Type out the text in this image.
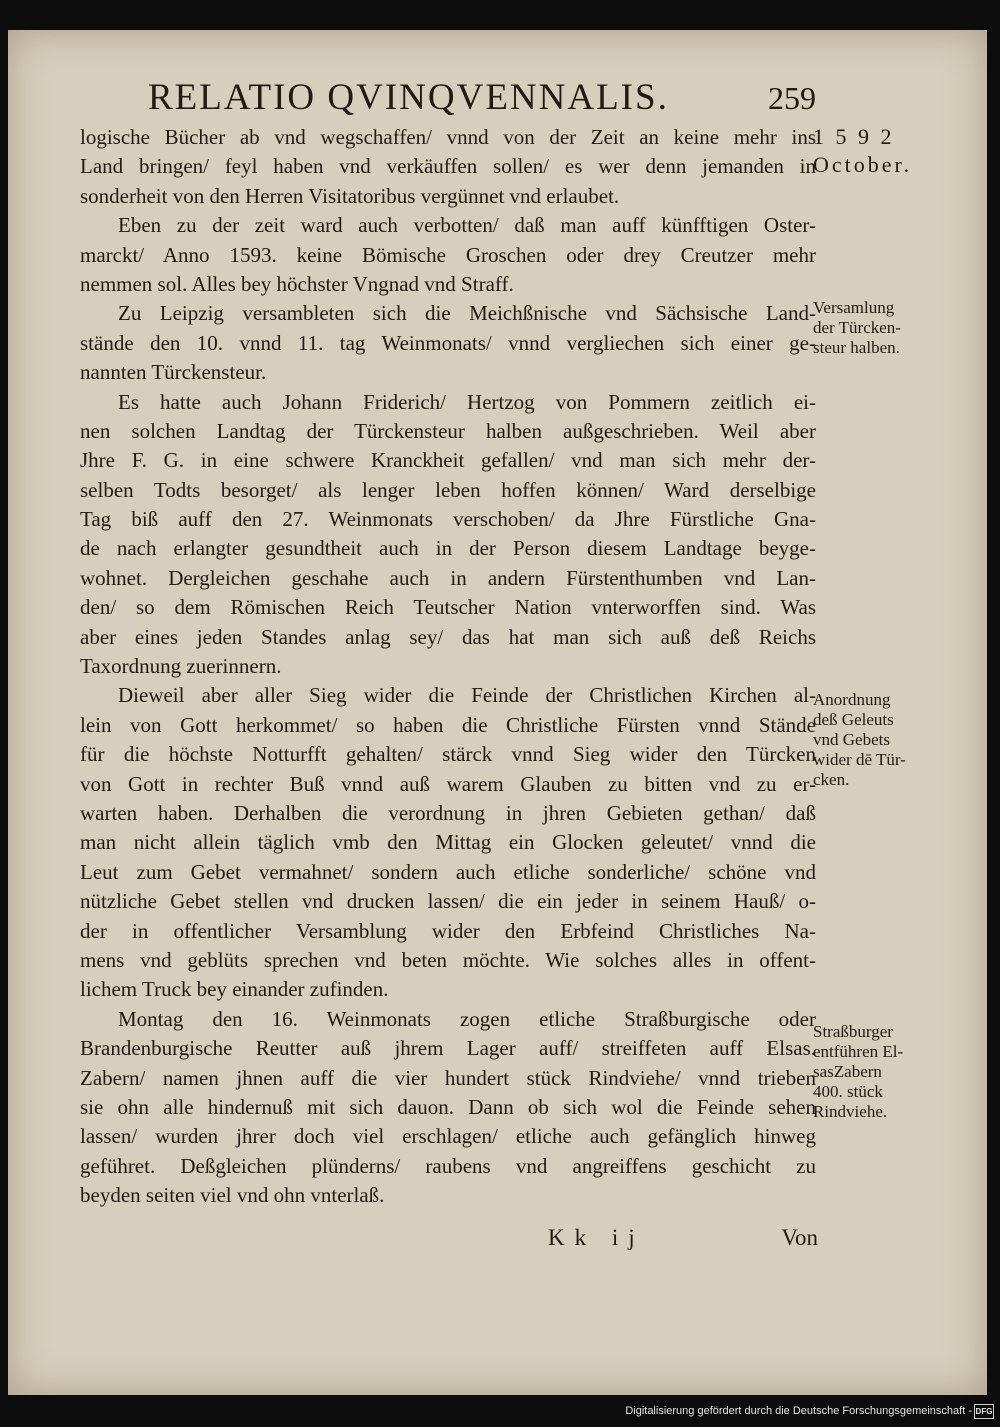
RELATIO QVINQVENNALIS.	259
logische Bücher ab vnd wegschaffen/ vnnd von der Zeit an keine mehr ins
Land bringen/ feyl haben vnd verkäuffen sollen/ es wer denn jemanden in
sonderheit von den Herren Visitatoribus vergünnet vnd erlaubet.
Eben zu der zeit ward auch verbotten/ daß man auff künfftigen Oster-
marckt/ Anno 1593. keine Bömische Groschen oder drey Creutzer mehr
nemmen sol. Alles bey höchster Vngnad vnd Straff.
Zu Leipzig versambleten sich die Meichßnische vnd Sächsische Land-
stände den 10. vnnd 11. tag Weinmonats/ vnnd vergliechen sich einer ge-
nannten Türckensteur.
Es hatte auch Johann Friderich/ Hertzog von Pommern zeitlich ei-
nen solchen Landtag der Türckensteur halben außgeschrieben. Weil aber
Jhre F. G. in eine schwere Kranckheit gefallen/ vnd man sich mehr der-
selben Todts besorget/ als lenger leben hoffen können/ Ward derselbige
Tag biß auff den 27. Weinmonats verschoben/ da Jhre Fürstliche Gna-
de nach erlangter gesundtheit auch in der Person diesem Landtage beyge-
wohnet. Dergleichen geschahe auch in andern Fürstenthumben vnd Lan-
den/ so dem Römischen Reich Teutscher Nation vnterworffen sind. Was
aber eines jeden Standes anlag sey/ das hat man sich auß deß Reichs
Taxordnung zuerinnern.
Dieweil aber aller Sieg wider die Feinde der Christlichen Kirchen al-
lein von Gott herkommet/ so haben die Christliche Fürsten vnnd Stände
für die höchste Notturfft gehalten/ stärck vnnd Sieg wider den Türcken
von Gott in rechter Buß vnnd auß warem Glauben zu bitten vnd zu er-
warten haben. Derhalben die verordnung in jhren Gebieten gethan/ daß
man nicht allein täglich vmb den Mittag ein Glocken geleutet/ vnnd die
Leut zum Gebet vermahnet/ sondern auch etliche sonderliche/ schöne vnd
nützliche Gebet stellen vnd drucken lassen/ die ein jeder in seinem Hauß/ o-
der in offentlicher Versamblung wider den Erbfeind Christliches Na-
mens vnd geblüts sprechen vnd beten möchte. Wie solches alles in offent-
lichem Truck bey einander zufinden.
Montag den 16. Weinmonats zogen etliche Straßburgische oder
Brandenburgische Reutter auß jhrem Lager auff/ streiffeten auff Elsas.
Zabern/ namen jhnen auff die vier hundert stück Rindviehe/ vnnd trieben
sie ohn alle hindernuß mit sich dauon. Dann ob sich wol die Feinde sehen
lassen/ wurden jhrer doch viel erschlagen/ etliche auch gefänglich hinweg
geführet. Deßgleichen plünderns/ raubens vnd angreiffens geschicht zu
beyden seiten viel vnd ohn vnterlaß.
1 5 9 2
October.
Versamlung
der Türcken-
steur halben.
Anordnung
deß Geleuts
vnd Gebets
wider dē Tür-
cken.
Straßburger
entführen El-
sasZabern
400. stück
Rindviehe.
Kk ij	Von
Digitalisierung gefördert durch die Deutsche Forschungsgemeinschaft - DFG
